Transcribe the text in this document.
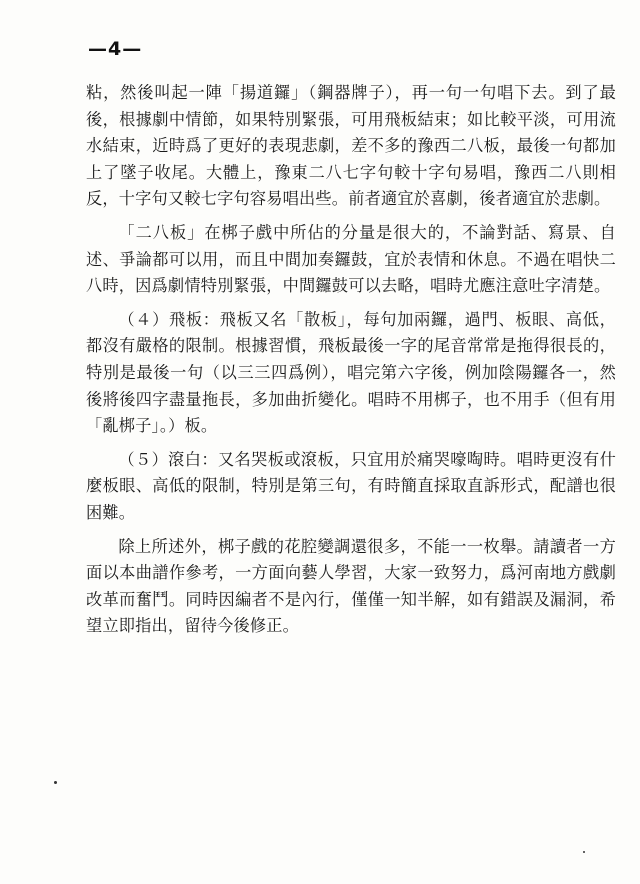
—4—

粘，然後叫起一陣「揚道鑼」（鋼器牌子），再一句一句唱下去。到了最後，根據劇中情節，如果特別緊張，可用飛板結束；如比較平淡，可用流水結束，近時爲了更好的表現悲劇，差不多的豫西二八板，最後一句都加上了墜子收尾。大體上，豫東二八七字句較十字句易唱，豫西二八則相反，十字句又較七字句容易唱出些。前者適宜於喜劇，後者適宜於悲劇。

「二八板」在梆子戲中所佔的分量是很大的，不論對話、寫景、自述、爭論都可以用，而且中間加奏鑼鼓，宜於表情和休息。不過在唱快二八時，因爲劇情特別緊張，中間鑼鼓可以去略，唱時尤應注意吐字清楚。

（４）飛板：飛板又名「散板」，每句加兩鑼，過門、板眼、高低，都沒有嚴格的限制。根據習慣，飛板最後一字的尾音常常是拖得很長的，特別是最後一句（以三三四爲例），唱完第六字後，例加陰陽鑼各一，然後將後四字盡量拖長，多加曲折變化。唱時不用梆子，也不用手（但有用「亂梆子」。）板。

（５）滾白：又名哭板或滾板，只宜用於痛哭嚎啕時。唱時更沒有什麼板眼、高低的限制，特別是第三句，有時簡直採取直訴形式，配譜也很困難。

除上所述外，梆子戲的花腔變調還很多，不能一一枚舉。請讀者一方面以本曲譜作參考，一方面向藝人學習，大家一致努力，爲河南地方戲劇改革而奮鬥。同時因編者不是內行，僅僅一知半解，如有錯誤及漏洞，希望立即指出，留待今後修正。
